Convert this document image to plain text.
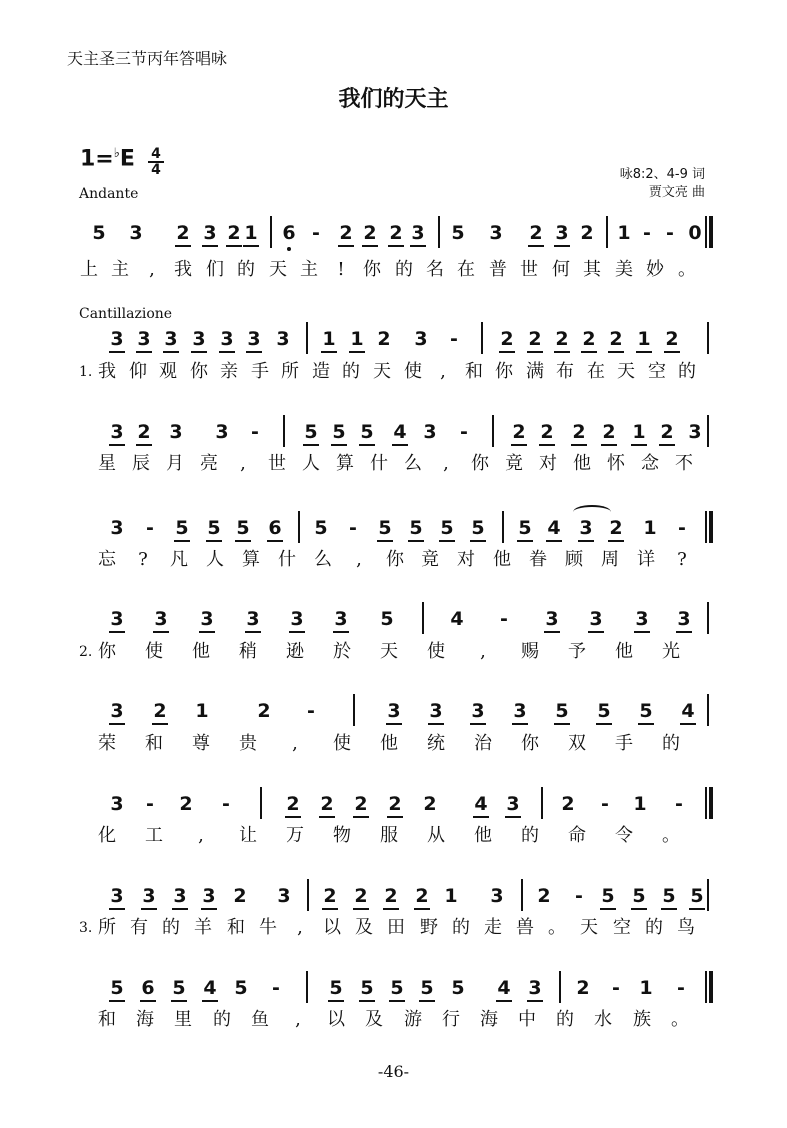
天主圣三节丙年答唱咏
我们的天主
$1=^♭E \frac{4}{4}$
Andante
咏8:2、4-9 词
贾文亮 曲
Cantillazione
5	3	2 3 2 1	6 -	2 2 2 3	5	3	2 3 2	1 - - 0
上 主	,	我 们 的 天 主	!	你 的 名 在 普 世 何 其 美 妙 。
3 3 3 3 3 3 3	1 1 2	3	-	2 2 2 2 2 1 2
1. 我 仰 观 你 亲 手 所 造 的 天 使	,	和 你 满 布 在 天 空 的
3 2 3	3	-	5 5 5	4 3	-	2 2 2 2 1 2 3
星 辰 月 亮	,	世 人 算 什 么	,	你 竟 对 他 怀 念 不
3	-	5 5 5 6	5	-	5 5 5 5	5 4 3 2	1	-
忘	?	凡 人 算 什 么	,	你 竟 对 他 眷 顾 周 详	?
3	3	3	3	3	3	5	4	-	3	3	3	3
2. 你 使 他 稍 逊 於 天 使	,	赐 予 他 光
3	2	1	2	-	3	3	3	3	5	5	5	4
荣 和 尊 贵	,	使 他 统 治 你 双 手 的
3	-	2	-	2	2	2	2	2	4 3	2	-	1	-
化 工	,	让 万 物 服 从 他 的 命 令 。
3 3 3 3 2	3	2 2 2 2 1	3	2	- 5 5 5 5
3. 所 有 的 羊 和 牛	,	以 及 田 野 的 走 兽 。 天 空 的 鸟
5 6 5 4 5	-	5 5 5 5 5	4 3	2	-	1	-
和 海 里 的 鱼	,	以 及 游 行 海 中 的 水 族 。
-46-
